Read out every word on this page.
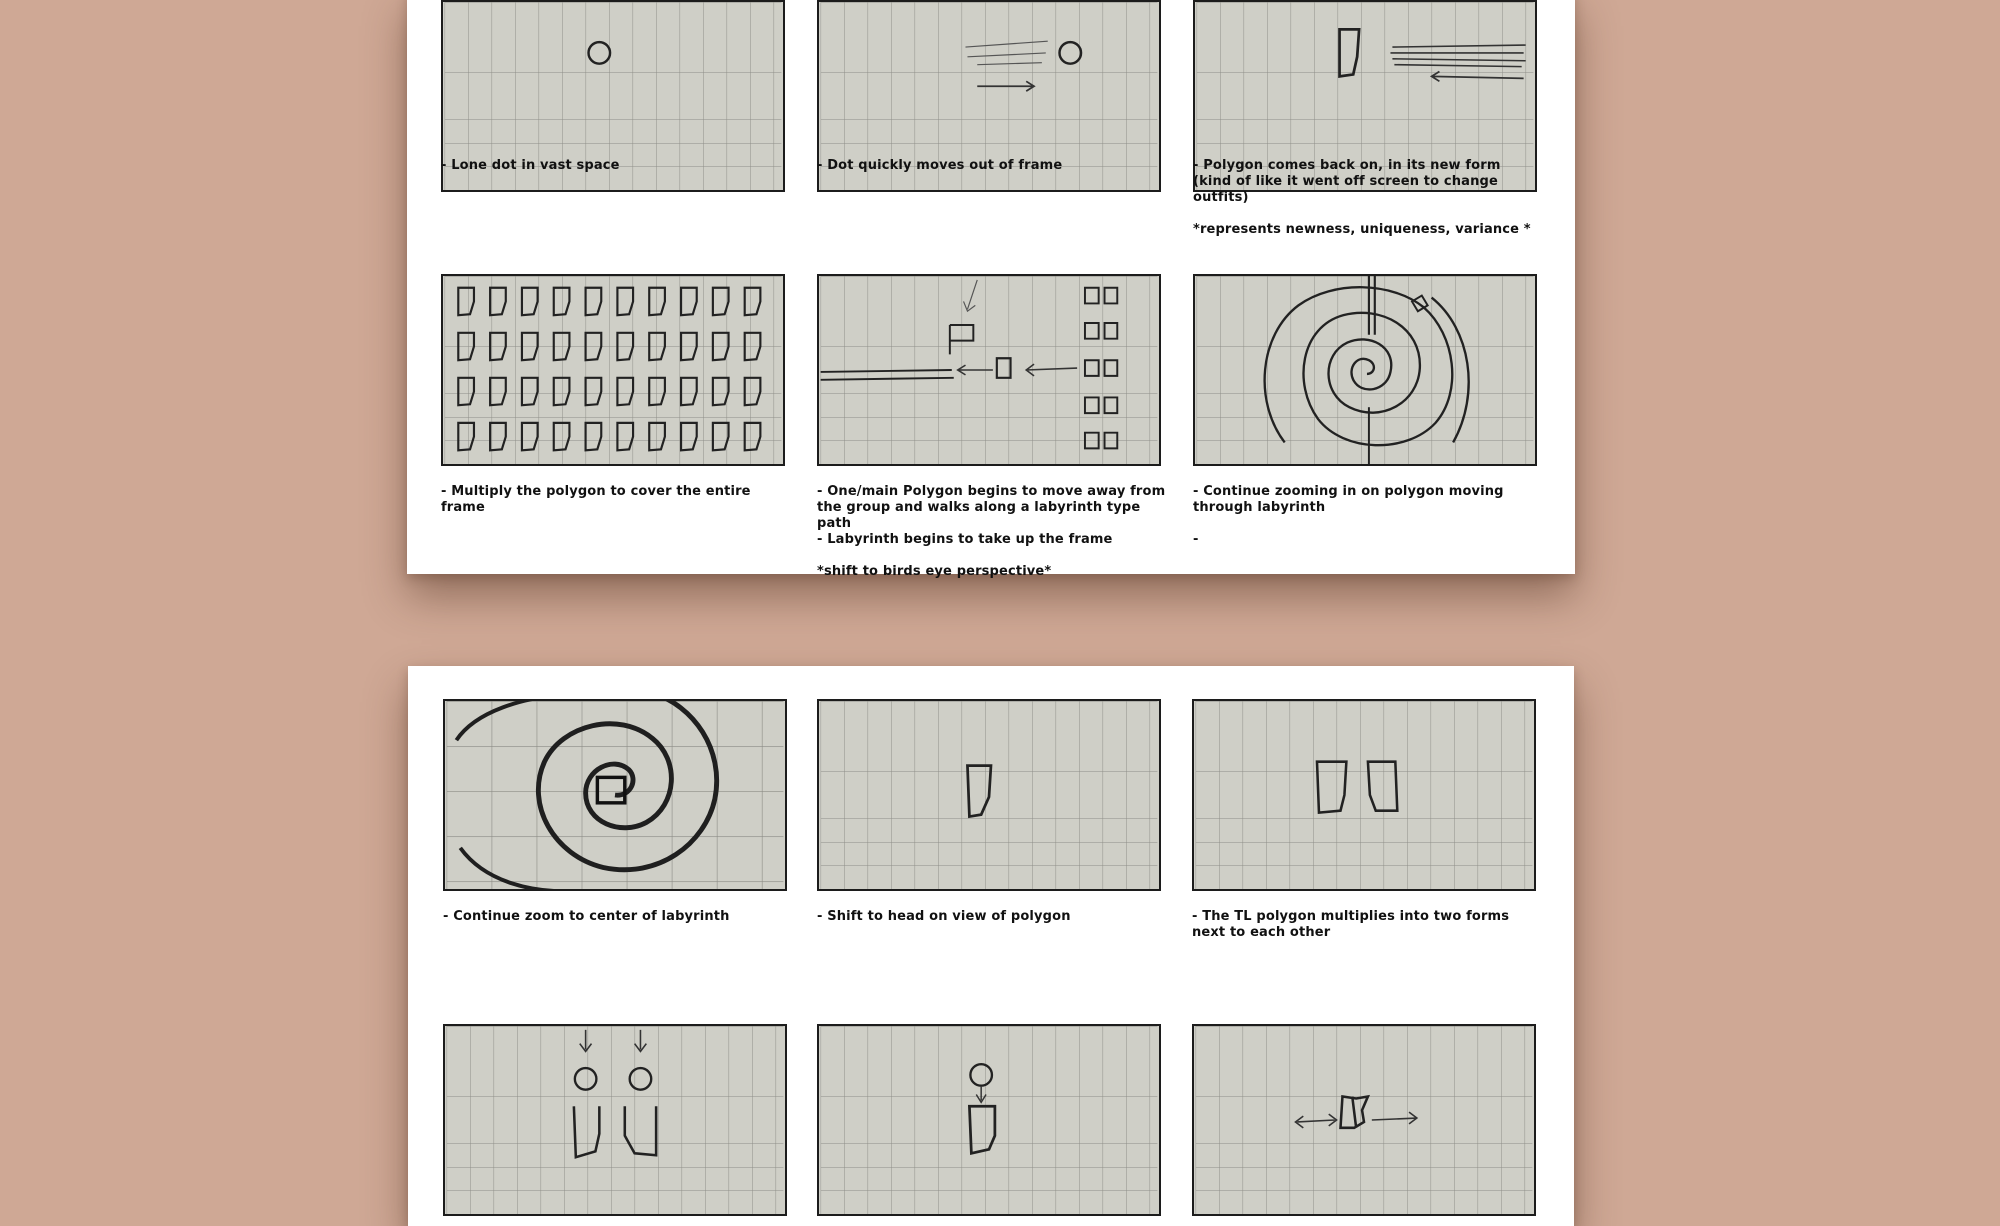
- Lone dot in vast space	- Dot quickly moves out of frame	- Polygon comes back on, in its new form (kind of like it went off screen to change outfits)

*represents newness, uniqueness, variance *

- Multiply the polygon to cover the entire frame

- One/main Polygon begins to move away from the group and walks along a labyrinth type path
- Labyrinth begins to take up the frame

*shift to birds eye perspective*

- Continue zooming in on polygon moving through labyrinth

-

- Continue zoom to center of labyrinth	- Shift to head on view of polygon	- The TL polygon multiplies into two forms next to each other
